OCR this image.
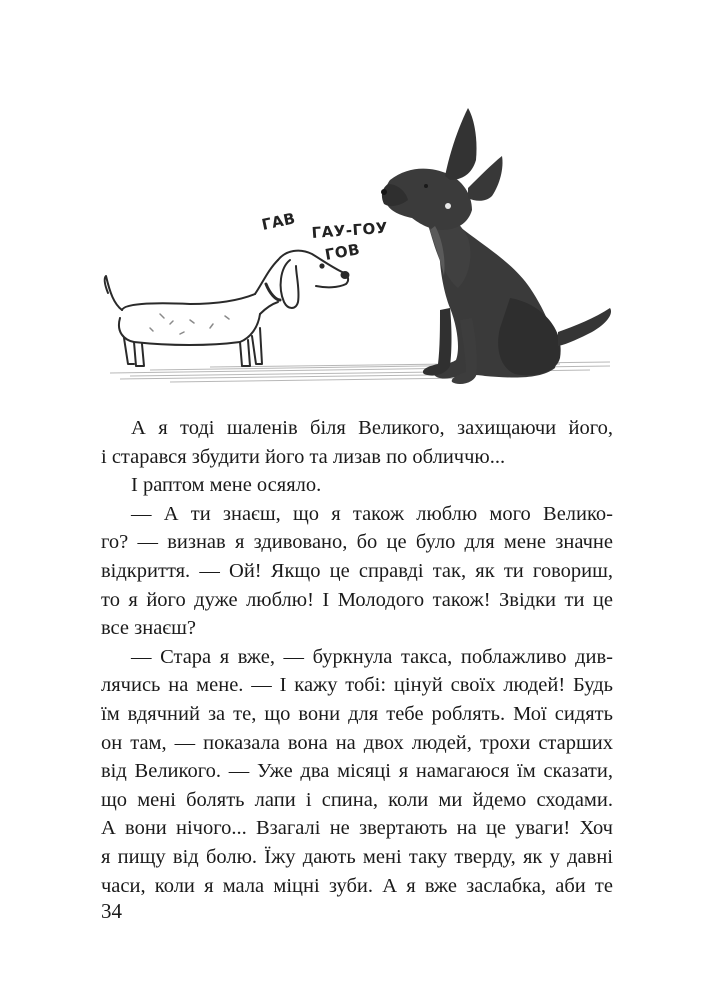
ГАВ ГАУ-ГОУ
ГОВ
А я тоді шаленів біля Великого, захищаючи його,
і старався збудити його та лизав по обличчю...
І раптом мене осяяло.
— А ти знаєш, що я також люблю мого Велико-
го? — визнав я здивовано, бо це було для мене значне
відкриття. — Ой! Якщо це справді так, як ти говориш,
то я його дуже люблю! І Молодого також! Звідки ти це
все знаєш?
— Стара я вже, — буркнула такса, поблажливо див-
лячись на мене. — І кажу тобі: цінуй своїх людей! Будь
їм вдячний за те, що вони для тебе роблять. Мої сидять
он там, — показала вона на двох людей, трохи старших
від Великого. — Уже два місяці я намагаюся їм сказати,
що мені болять лапи і спина, коли ми йдемо сходами.
А вони нічого... Взагалі не звертають на це уваги! Хоч
я пищу від болю. Їжу дають мені таку тверду, як у давні
часи, коли я мала міцні зуби. А я вже заслабка, аби те
34
